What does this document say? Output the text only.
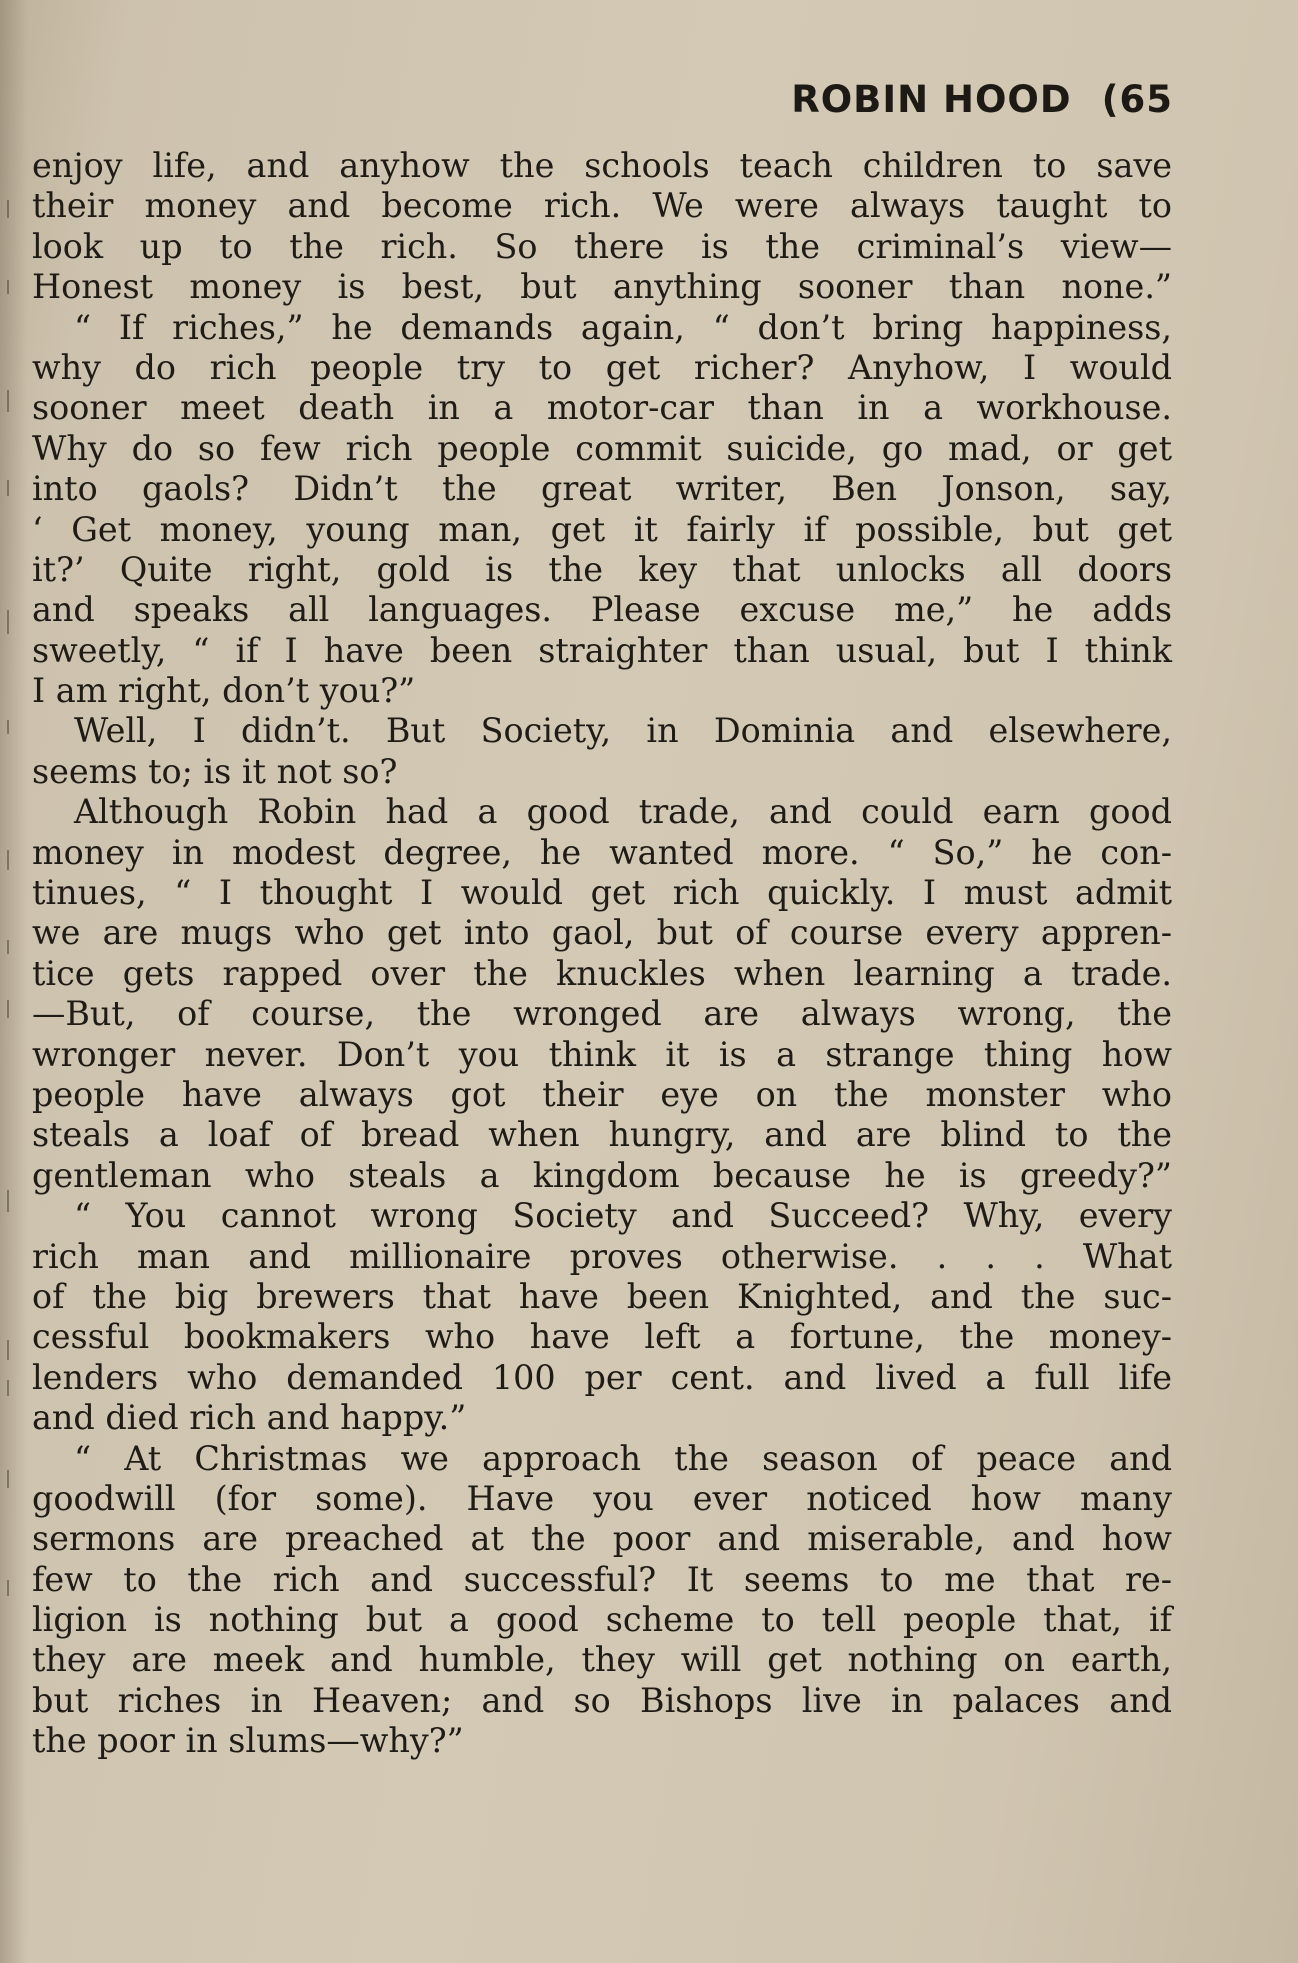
ROBIN HOOD (65
enjoy life, and anyhow the schools teach children to save
their money and become rich. We were always taught to
look up to the rich. So there is the criminal’s view—
Honest money is best, but anything sooner than none.”
“ If riches,” he demands again, “ don’t bring happiness,
why do rich people try to get richer? Anyhow, I would
sooner meet death in a motor-car than in a workhouse.
Why do so few rich people commit suicide, go mad, or get
into gaols? Didn’t the great writer, Ben Jonson, say,
‘ Get money, young man, get it fairly if possible, but get
it?’ Quite right, gold is the key that unlocks all doors
and speaks all languages. Please excuse me,” he adds
sweetly, “ if I have been straighter than usual, but I think
I am right, don’t you?”
Well, I didn’t. But Society, in Dominia and elsewhere,
seems to; is it not so?
Although Robin had a good trade, and could earn good
money in modest degree, he wanted more. “ So,” he con-
tinues, “ I thought I would get rich quickly. I must admit
we are mugs who get into gaol, but of course every appren-
tice gets rapped over the knuckles when learning a trade.
—But, of course, the wronged are always wrong, the
wronger never. Don’t you think it is a strange thing how
people have always got their eye on the monster who
steals a loaf of bread when hungry, and are blind to the
gentleman who steals a kingdom because he is greedy?”
“ You cannot wrong Society and Succeed? Why, every
rich man and millionaire proves otherwise. . . . What
of the big brewers that have been Knighted, and the suc-
cessful bookmakers who have left a fortune, the money-
lenders who demanded 100 per cent. and lived a full life
and died rich and happy.”
“ At Christmas we approach the season of peace and
goodwill (for some). Have you ever noticed how many
sermons are preached at the poor and miserable, and how
few to the rich and successful? It seems to me that re-
ligion is nothing but a good scheme to tell people that, if
they are meek and humble, they will get nothing on earth,
but riches in Heaven; and so Bishops live in palaces and
the poor in slums—why?”
